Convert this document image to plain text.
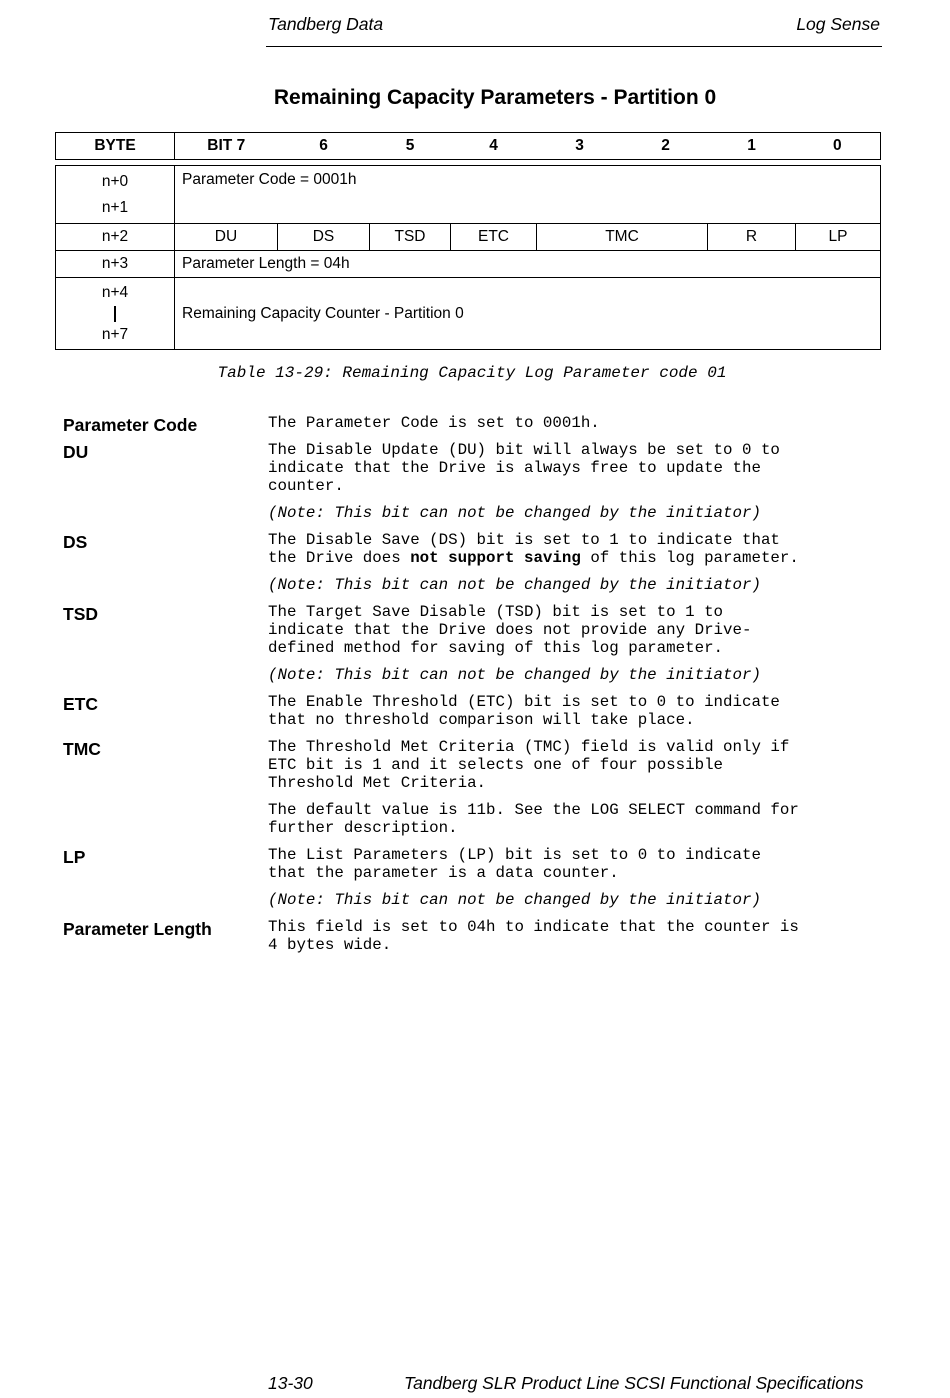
Tandberg Data	Log Sense
Remaining Capacity Parameters - Partition 0
BYTE	BIT 7	6	5	4	3	2	1	0
n+0
n+1	Parameter Code = 0001h						
n+2	DU	DS	TSD	ETC	TMC	R	LP
n+3	Parameter Length = 04h						

n+4
n+7	Remaining Capacity Counter - Partition 0						
Table 13-29: Remaining Capacity Log Parameter code 01
Parameter Code	The Parameter Code is set to 0001h.

DU	The Disable Update (DU) bit will always be set to 0 to
indicate that the Drive is always free to update the
counter.

(Note: This bit can not be changed by the initiator)

DS	The Disable Save (DS) bit is set to 1 to indicate that
the Drive does not support saving of this log parameter.

(Note: This bit can not be changed by the initiator)

TSD	The Target Save Disable (TSD) bit is set to 1 to
indicate that the Drive does not provide any Drive-
defined method for saving of this log parameter.

(Note: This bit can not be changed by the initiator)

ETC	The Enable Threshold (ETC) bit is set to 0 to indicate
that no threshold comparison will take place.

TMC	The Threshold Met Criteria (TMC) field is valid only if
ETC bit is 1 and it selects one of four possible
Threshold Met Criteria.

The default value is 11b. See the LOG SELECT command for
further description.

LP	The List Parameters (LP) bit is set to 0 to indicate
that the parameter is a data counter.

(Note: This bit can not be changed by the initiator)

Parameter Length	This field is set to 04h to indicate that the counter is
4 bytes wide.

13-30	Tandberg SLR Product Line SCSI Functional Specifications
